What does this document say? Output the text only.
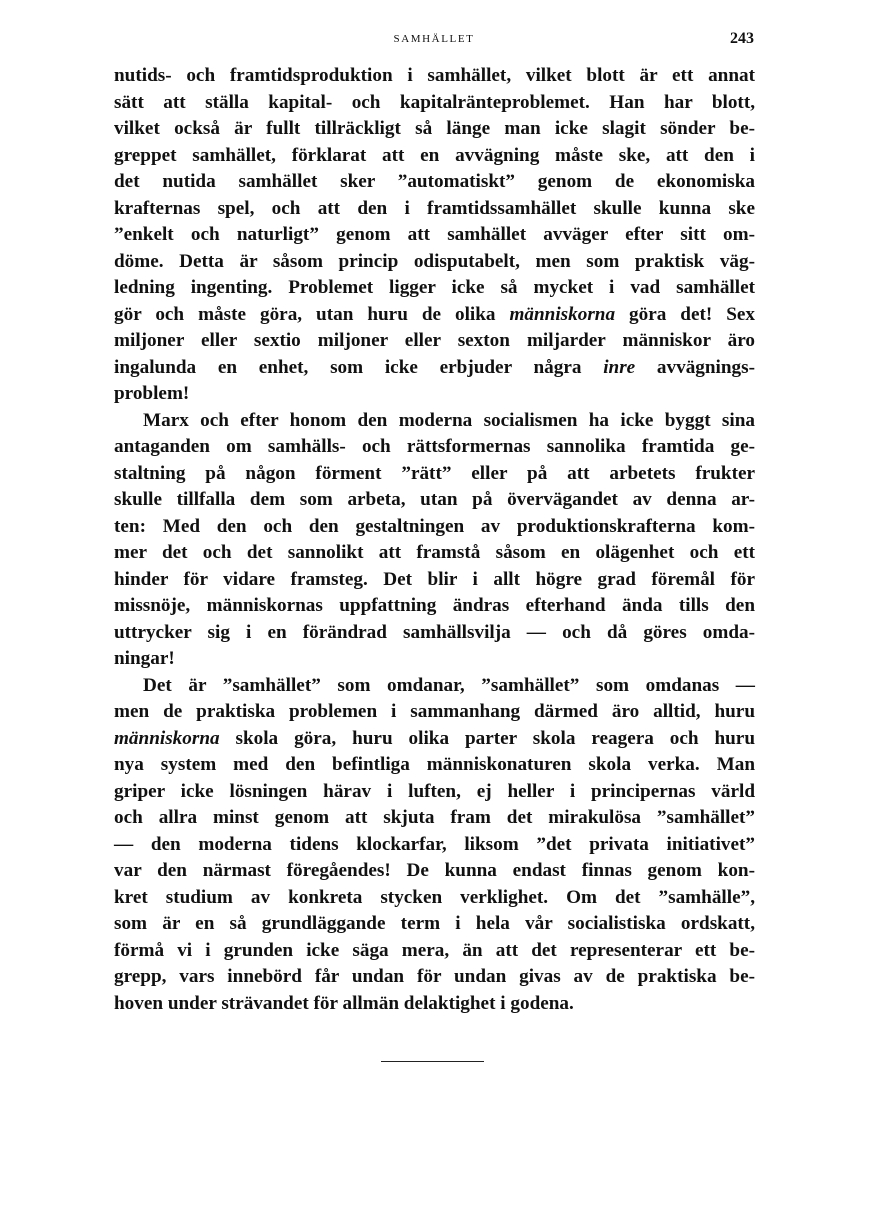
SAMHÄLLET	243
nutids- och framtidsproduktion i samhället, vilket blott är ett annat
sätt att ställa kapital- och kapitalränteproblemet. Han har blott,
vilket också är fullt tillräckligt så länge man icke slagit sönder be-
greppet samhället, förklarat att en avvägning måste ske, att den i
det nutida samhället sker ”automatiskt” genom de ekonomiska
krafternas spel, och att den i framtidssamhället skulle kunna ske
”enkelt och naturligt” genom att samhället avväger efter sitt om-
döme. Detta är såsom princip odisputabelt, men som praktisk väg-
ledning ingenting. Problemet ligger icke så mycket i vad samhället
gör och måste göra, utan huru de olika människorna göra det! Sex
miljoner eller sextio miljoner eller sexton miljarder människor äro
ingalunda en enhet, som icke erbjuder några inre avvägnings-
problem!
Marx och efter honom den moderna socialismen ha icke byggt sina
antaganden om samhälls- och rättsformernas sannolika framtida ge-
staltning på någon förment ”rätt” eller på att arbetets frukter
skulle tillfalla dem som arbeta, utan på övervägandet av denna ar-
ten: Med den och den gestaltningen av produktionskrafterna kom-
mer det och det sannolikt att framstå såsom en olägenhet och ett
hinder för vidare framsteg. Det blir i allt högre grad föremål för
missnöje, människornas uppfattning ändras efterhand ända tills den
uttrycker sig i en förändrad samhällsvilja — och då göres omda-
ningar!
Det är ”samhället” som omdanar, ”samhället” som omdanas —
men de praktiska problemen i sammanhang därmed äro alltid, huru
människorna skola göra, huru olika parter skola reagera och huru
nya system med den befintliga människonaturen skola verka. Man
griper icke lösningen härav i luften, ej heller i principernas värld
och allra minst genom att skjuta fram det mirakulösa ”samhället”
— den moderna tidens klockarfar, liksom ”det privata initiativet”
var den närmast föregåendes! De kunna endast finnas genom kon-
kret studium av konkreta stycken verklighet. Om det ”samhälle”,
som är en så grundläggande term i hela vår socialistiska ordskatt,
förmå vi i grunden icke säga mera, än att det representerar ett be-
grepp, vars innebörd får undan för undan givas av de praktiska be-
hoven under strävandet för allmän delaktighet i godena.
